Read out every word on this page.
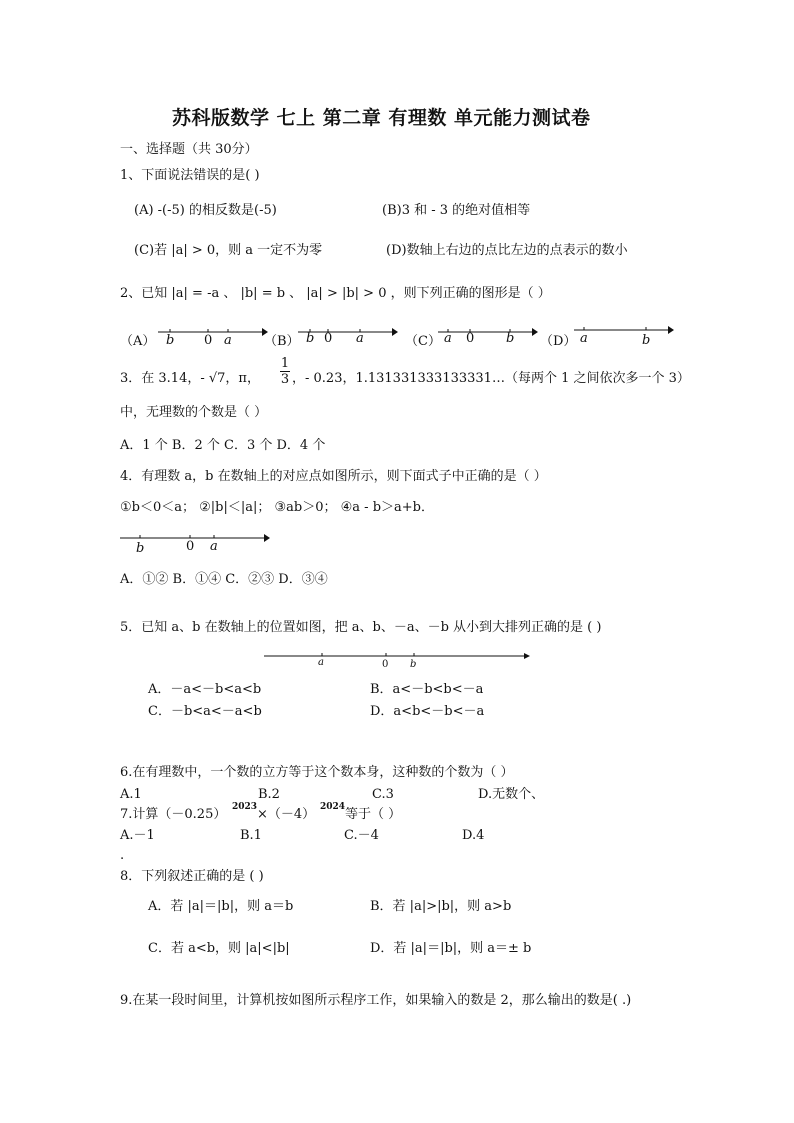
苏科版数学 七上 第二章 有理数 单元能力测试卷
一、选择题（共 30分）
1、下面说法错误的是( )
(A) -(-5) 的相反数是(-5)	(B)3 和 - 3 的绝对值相等
(C)若 |a| > 0，则 a 一定不为零	(D)数轴上右边的点比左边的点表示的数小
2、已知 |a| = -a 、 |b| = b 、 |a| > |b| > 0 ，则下列正确的图形是（ ）
（A） b 0 a （B） b 0 a	（C） a 0 b （D） a	b
3．在 3.14，- √7，π，
1
3 ，- 0.23，1.131331333133331…（每两个 1 之间依次多一个 3）
中，无理数的个数是（ ）
A．1 个 B．2 个 C．3 个 D．4 个
4．有理数 a，b 在数轴上的对应点如图所示，则下面式子中正确的是（ ）
①b＜0＜a； ②|b|＜|a|； ③ab＞0； ④a - b＞a+b．
b	0 a
A．①② B．①④ C．②③ D．③④
5．已知 a、b 在数轴上的位置如图，把 a、b、－a、－b 从小到大排列正确的是 ( )
a	0 b
A．－a<－b<a<b	B．a<－b<b<－a
C．－b<a<－a<b	D．a<b<－b<－a
6.在有理数中，一个数的立方等于这个数本身，这种数的个数为（ ）
A.1	B.2	C.3	D.无数个、
7.计算（－0.25） 2023 ×（－4） 2024 等于（ ）
A.－1	B.1	C.－4	D.4
.
8．下列叙述正确的是 ( )
A．若 |a|＝|b|，则 a＝b	B．若 |a|>|b|，则 a>b
C．若 a<b，则 |a|<|b|	D．若 |a|＝|b|，则 a＝± b
9.在某一段时间里，计算机按如图所示程序工作，如果输入的数是 2，那么输出的数是( .)
